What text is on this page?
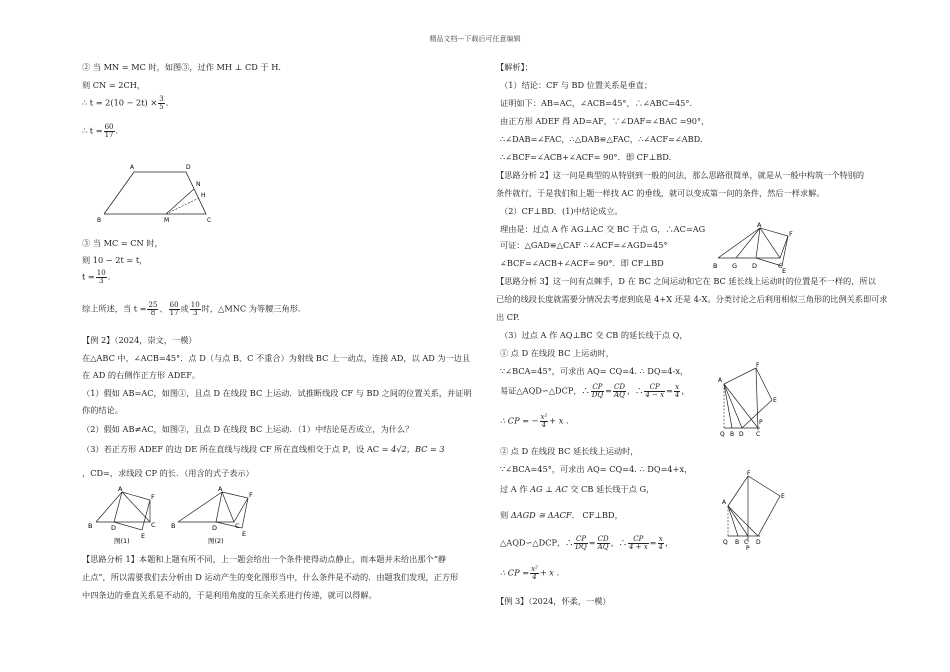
精品文档---下载后可任意编辑
② 当 MN = MC 时，如图③，过作 MH ⊥ CD 于 H.
则 CN = 2CH，
∴ $t = 2(10 - 2t) \times \frac{3}{5}$ .
∴ $t = \frac{60}{17}$ .
A	D
N
H
B	M	C
③ 当 MC = CN 时，
则 10 − 2t = t，
$t = \frac{10}{3}$ .
综上所述，当 $t = \frac{25}{8}$ 、 $\frac{60}{17}$ 或 $\frac{10}{3}$ 时，△MNC 为等腰三角形.
【例 2】（2024，崇文，一模）
在△ABC 中，∠ACB=45°．点 D（与点 B、C 不重合）为射线 BC 上一动点，连接 AD，以 AD 为一边且
在 AD 的右侧作正方形 ADEF。
（1）假如 AB=AC，如图①，且点 D 在线段 BC 上运动．试推断线段 CF 与 BD 之间的位置关系，并证明
你的结论。
（2）假如 AB≠AC，如图②，且点 D 在线段 BC 上运动．（1）中结论是否成立，为什么？
（3）若正方形 ADEF 的边 DE 所在直线与线段 CF 所在直线相交于点 P，设 AC = 4√2，BC = 3
，CD=，求线段 CP 的长．（用含的式子表示）
A
F
B	D	C
E
图(1)
A
F
B	D	C
E
图(2)
【思路分析 1】本题和上题有所不同，上一题会给出一个条件使得动点静止，而本题并未给出那个“静
止点”，所以需要我们去分析由 D 运动产生的变化图形当中，什么条件是不动的．由题我们发现，正方形
中四条边的垂直关系是不动的，于是利用角度的互余关系进行传递，就可以得解。
【解析】：
（1）结论：CF 与 BD 位置关系是垂直；
证明如下：AB=AC，∠ACB=45°，∴∠ABC=45°.
由正方形 ADEF 得 AD=AF，∵∠DAF=∠BAC =90°，
∴∠DAB=∠FAC，∴△DAB≌△FAC，∴∠ACF=∠ABD.
∴∠BCF=∠ACB+∠ACF= 90°．即 CF⊥BD.
【思路分析 2】这一问是典型的从特别到一般的问法，那么思路很简单，就是从一般中构筑一个特别的
条件就行，于是我们和上题一样找 AC 的垂线，就可以变成第一问的条件，然后一样求解。
（2）CF⊥BD．(1)中结论成立。
理由是：过点 A 作 AG⊥AC 交 BC 于点 G，∴AC=AG
可证：△GAD≌△CAF ∴∠ACF=∠AGD=45°
∠BCF=∠ACB+∠ACF= 90°．即 CF⊥BD
A
F
B G D	C
E
【思路分析 3】这一问有点棘手，D 在 BC 之间运动和它在 BC 延长线上运动时的位置是不一样的，所以
已给的线段长度就需要分情况去考虑到底是 4+X 还是 4-X。分类讨论之后利用相似三角形的比例关系即可求
出 CP.
（3）过点 A 作 AQ⊥BC 交 CB 的延长线于点 Q，
① 点 D 在线段 BC 上运动时，
∵∠BCA=45°，可求出 AQ= CQ=4. ∴ DQ=4-x，
易证△AQD∽△DCP，∴ $\frac{CP}{DQ} = \frac{CD}{AQ}$ ，∴ $\frac{CP}{4 - x} = \frac{x}{4}$ ，
∴ CP = − $\frac{\text{x²}}{4} + x$ .
A
F
E
Q B D C
P
② 点 D 在线段 BC 延长线上运动时，
∵∠BCA=45°，可求出 AQ= CQ=4. ∴ DQ=4+x，
过 A 作 AG ⊥ AC 交 CB 延长线于点 G，
则 ΔAGD ≅ ΔACF． CF⊥BD，
△AQD∽△DCP，∴ $\frac{CP}{DQ} = \frac{CD}{AQ}$ ，∴ $\frac{CP}{4 + x} = \frac{x}{4}$ ，
∴ CP = $\frac{\text{x²}}{4} + x$ .
A
F
E
Q B C D
P
【例 3】（2024，怀柔，一模）
